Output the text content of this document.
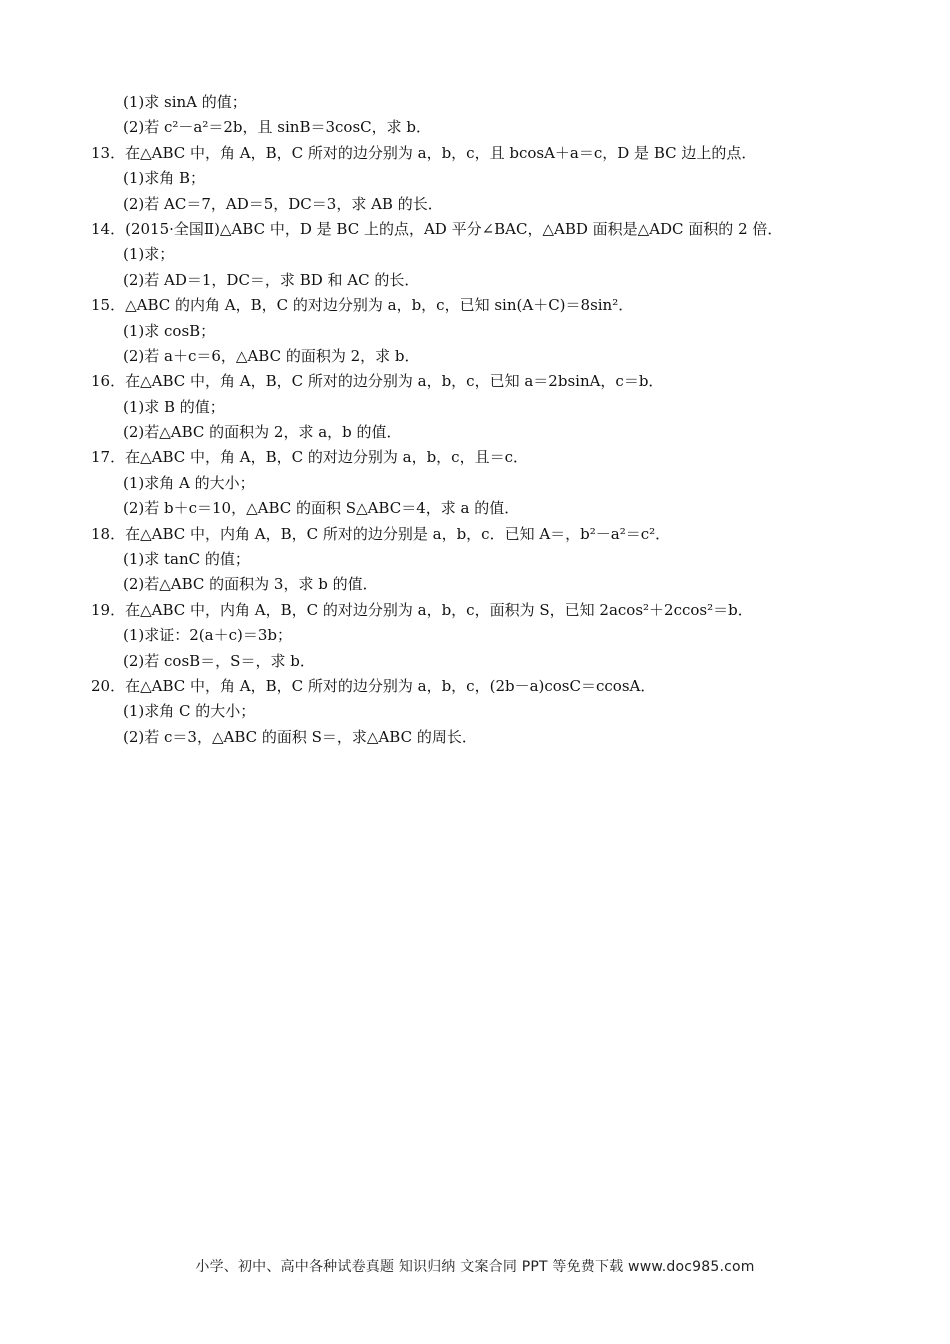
(1)求 sinA 的值；
(2)若 c²－a²＝2b，且 sinB＝3cosC，求 b．
13．在△ABC 中，角 A，B，C 所对的边分别为 a，b，c，且 bcosA＋a＝c，D 是 BC 边上的点．
(1)求角 B；
(2)若 AC＝7，AD＝5，DC＝3，求 AB 的长．
14．(2015·全国Ⅱ)△ABC 中，D 是 BC 上的点，AD 平分∠BAC，△ABD 面积是△ADC 面积的 2 倍．
(1)求；
(2)若 AD＝1，DC＝，求 BD 和 AC 的长．
15．△ABC 的内角 A，B，C 的对边分别为 a，b，c，已知 sin(A＋C)＝8sin²．
(1)求 cosB；
(2)若 a＋c＝6，△ABC 的面积为 2，求 b．
16．在△ABC 中，角 A，B，C 所对的边分别为 a，b，c，已知 a＝2bsinA，c＝b．
(1)求 B 的值；
(2)若△ABC 的面积为 2，求 a，b 的值．
17．在△ABC 中，角 A，B，C 的对边分别为 a，b，c，且＝c．
(1)求角 A 的大小；
(2)若 b＋c＝10，△ABC 的面积 S△ABC＝4，求 a 的值．
18．在△ABC 中，内角 A，B，C 所对的边分别是 a，b，c．已知 A＝，b²－a²＝c²．
(1)求 tanC 的值；
(2)若△ABC 的面积为 3，求 b 的值．
19．在△ABC 中，内角 A，B，C 的对边分别为 a，b，c，面积为 S，已知 2acos²＋2ccos²＝b．
(1)求证：2(a＋c)＝3b；
(2)若 cosB＝，S＝，求 b．
20．在△ABC 中，角 A，B，C 所对的边分别为 a，b，c，(2b－a)cosC＝ccosA．
(1)求角 C 的大小；
(2)若 c＝3，△ABC 的面积 S＝，求△ABC 的周长．
小学、初中、高中各种试卷真题 知识归纳 文案合同 PPT 等免费下载 www.doc985.com
